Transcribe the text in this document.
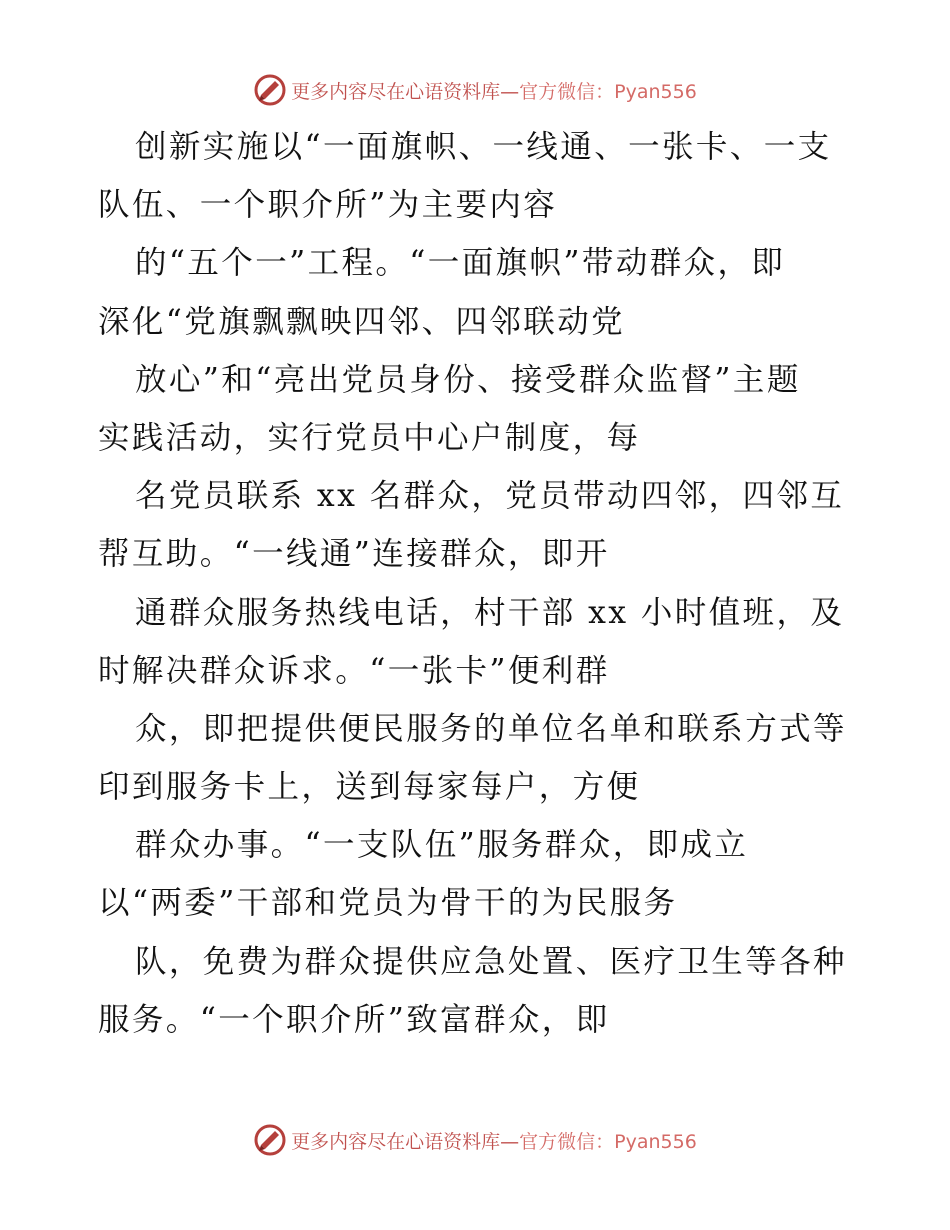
更多内容尽在心语资料库—官方微信：Pyan556
创新实施以“一面旗帜、一线通、一张卡、一支
队伍、一个职介所”为主要内容
的“五个一”工程。“一面旗帜”带动群众，即
深化“党旗飘飘映四邻、四邻联动党
放心”和“亮出党员身份、接受群众监督”主题
实践活动，实行党员中心户制度，每
名党员联系 xx 名群众，党员带动四邻，四邻互
帮互助。“一线通”连接群众，即开
通群众服务热线电话，村干部 xx 小时值班，及
时解决群众诉求。“一张卡”便利群
众，即把提供便民服务的单位名单和联系方式等
印到服务卡上，送到每家每户，方便
群众办事。“一支队伍”服务群众，即成立
以“两委”干部和党员为骨干的为民服务
队，免费为群众提供应急处置、医疗卫生等各种
服务。“一个职介所”致富群众，即
更多内容尽在心语资料库—官方微信：Pyan556
